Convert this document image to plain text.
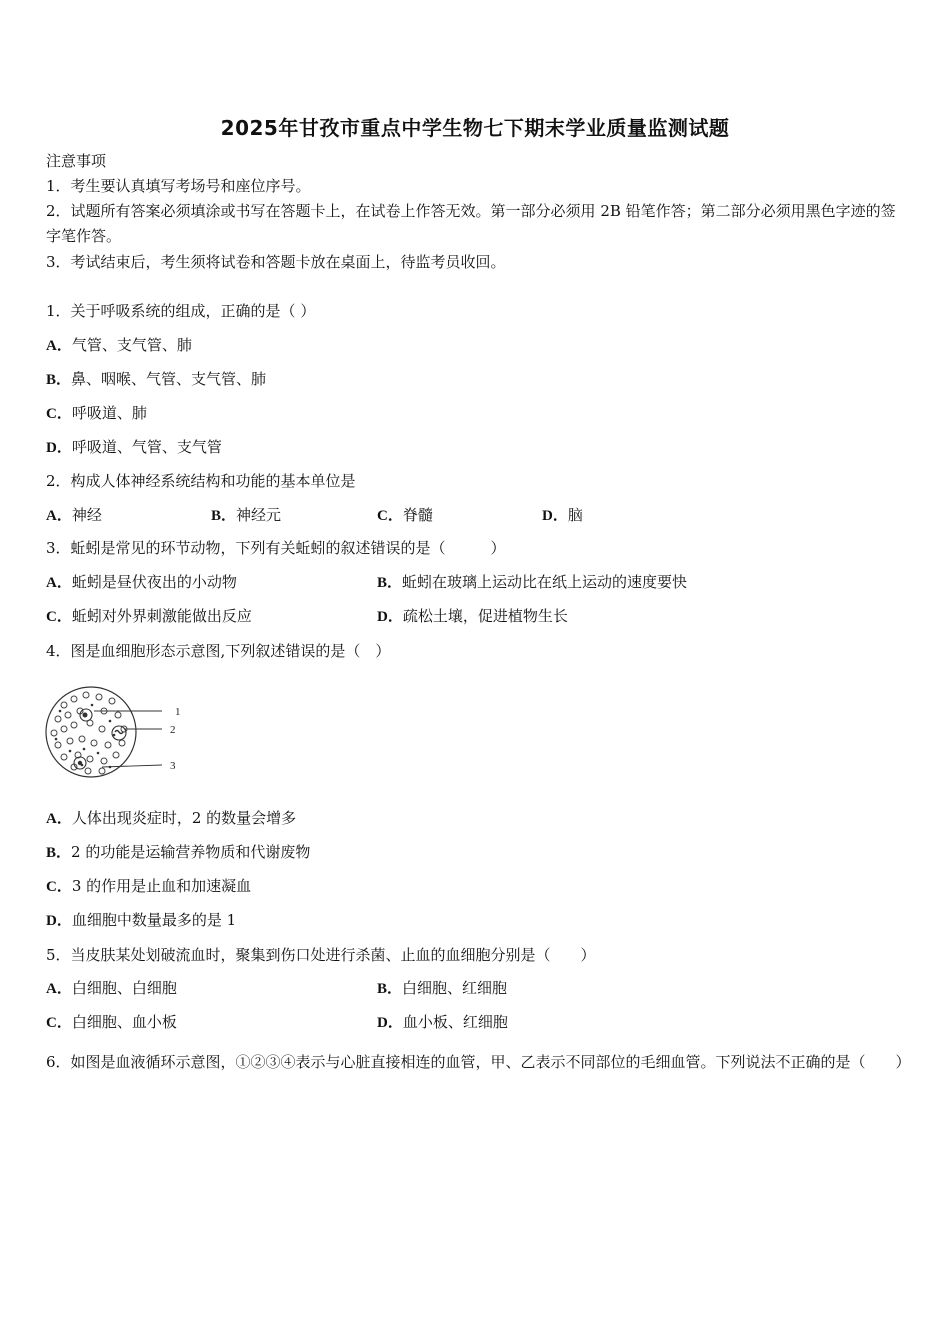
2025年甘孜市重点中学生物七下期末学业质量监测试题
注意事项
1．考生要认真填写考场号和座位序号。
2．试题所有答案必须填涂或书写在答题卡上，在试卷上作答无效。第一部分必须用 2B 铅笔作答；第二部分必须用黑色字迹的签字笔作答。
3．考试结束后，考生须将试卷和答题卡放在桌面上，待监考员收回。
1．关于呼吸系统的组成，正确的是（ ）
A．气管、支气管、肺
B．鼻、咽喉、气管、支气管、肺
C．呼吸道、肺
D．呼吸道、气管、支气管
2．构成人体神经系统结构和功能的基本单位是
A．神经	B．神经元	C．脊髓	D．脑
3．蚯蚓是常见的环节动物，下列有关蚯蚓的叙述错误的是（　　　）
A．蚯蚓是昼伏夜出的小动物	B．蚯蚓在玻璃上运动比在纸上运动的速度要快
C．蚯蚓对外界刺激能做出反应	D．疏松土壤，促进植物生长
4．图是血细胞形态示意图,下列叙述错误的是（　）
1
2
3
A．人体出现炎症时，2 的数量会增多
B．2 的功能是运输营养物质和代谢废物
C．3 的作用是止血和加速凝血
D．血细胞中数量最多的是 1
5．当皮肤某处划破流血时，聚集到伤口处进行杀菌、止血的血细胞分别是（　　）
A．白细胞、白细胞	B．白细胞、红细胞
C．白细胞、血小板	D．血小板、红细胞
6．如图是血液循环示意图，①②③④表示与心脏直接相连的血管，甲、乙表示不同部位的毛细血管。下列说法不正确的是（　　）
